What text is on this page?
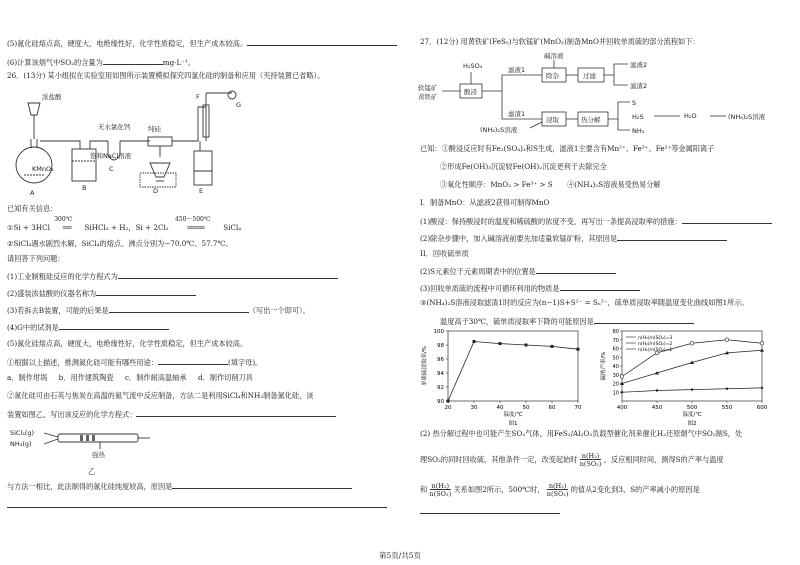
(5)氮化硅熔点高，硬度大，电绝缘性好，化学性质稳定，但生产成本较高。
(6)计算该烟气中SO₂的含量为	mg·L⁻¹。
26．(13分) 某小组拟在实验室用如图所示装置模拟探究四氯化硅的制备和应用（夹持装置已省略）。
浓盐酸
KMnO₄
A
B
无水氯化钙
C
饱和NaCl溶液
纯硅
D	E
F
G
已知有关信息：
①Si + 3HCl
300℃
══ SiHCl₃ + H₂，Si + 2Cl₂
450～500℃
════	SiCl₄
②SiCl₄遇水剧烈水解，SiCl₄的熔点、沸点分别为−70.0℃、57.7℃。
请回答下列问题：
(1)工业制粗硅反应的化学方程式为
(2)盛装浓盐酸的仪器名称为
(3)若拆去B装置，可能的后果是	（写出一个即可）。
(4)G中的试剂是
(5)氮化硅熔点高，硬度大，电绝缘性好，化学性质稳定，但生产成本较高。
①根据以上描述，推测氮化硅可能有哪些用途：	(填字母)。
a．制作坩埚 b．用作建筑陶瓷 c．制作耐高温轴承 d．制作切削刀具
②氮化硅可由石英与焦炭在高温的氮气流中反应制备，方法二是利用SiCl₄和NH₃制备氮化硅，该
装置如图乙，写出该反应的化学方程式：
SiCl₄(g)
NH₃(g)
强热
乙
与方法一相比，此法制得的氮化硅纯度较高，原因是
27．(12分) 用黄铁矿(FeS₂)与软锰矿(MnO₂)制备MnO并回收单质硫的部分流程如下：
软锰矿
黄铁矿
H₂SO₄
酸浸
滤液1
碱溶液
除杂	过滤
滤液2
滤渣2
滤渣1
(NH₄)₂S溶液
浸取	热分解
S
H₂S
NH₃
H₂O	(NH₄)₂S溶液
已知：①酸浸反应时有Fe₂(SO₄)₃和S生成，滤液1主要含有Mn²⁺、Fe³⁺、Fe²⁺等金属阳离子
②形成Fe(OH)₃沉淀较Fe(OH)₂沉淀更利于去除完全
③氧化性顺序：MnO₂ > Fe³⁺ > S　　④(NH₄)₂S溶液易受热易分解
I．制备MnO：从滤液2获得可制得MnO
(1)酸浸：保持酸浸时的温度和稀硫酸的浓度不变，再写出一条提高浸取率的措施：
(2)除杂步骤中，加入碱溶液前要先加适量软锰矿粉，其原因是
II．回收硫单质
(2)S元素位于元素周期表中的位置是
(3)回收单质硫的流程中可循环利用的物质是
③(NH₄)₂S溶液浸取滤渣1时的反应为(n−1)S+S²⁻ = Sₙ²⁻，硫单质浸取率随温度变化曲线如图1所示。
温度高于30℃，硫单质浸取率下降的可能原因是
90
92
94
96
98
100
20	30	40	50	60	70
温度/℃
单质硫浸取率/%
图1
10
20
30
40
50
60
70
80
400	450	500	550	600
温度/℃
硫的产率/%
图2
n(H₂)/n(SO₂)=3
n(H₂)/n(SO₂)=2
n(H₂)/n(SO₂)=1
(2) 热分解过程中也可能产生SO₂气体，用FeS₂/Al₂O₃负载型催化剂来催化H₂还原烟气中SO₂制S，处
理SO₂的同时回收硫，其他条件一定，改变起始时 $\frac{\text{n(H₂)}}{\text{n(SO₂)}}$ ，反应相同时间，测得S的产率与温度
和 $\frac{\text{n(H₂)}}{\text{n(SO₂)}}$ 关系如图2所示，500℃时， $\frac{\text{n(H₂)}}{\text{n(SO₂)}}$ 的值从2变化到3，S的产率减小的原因是
第5页/共5页
